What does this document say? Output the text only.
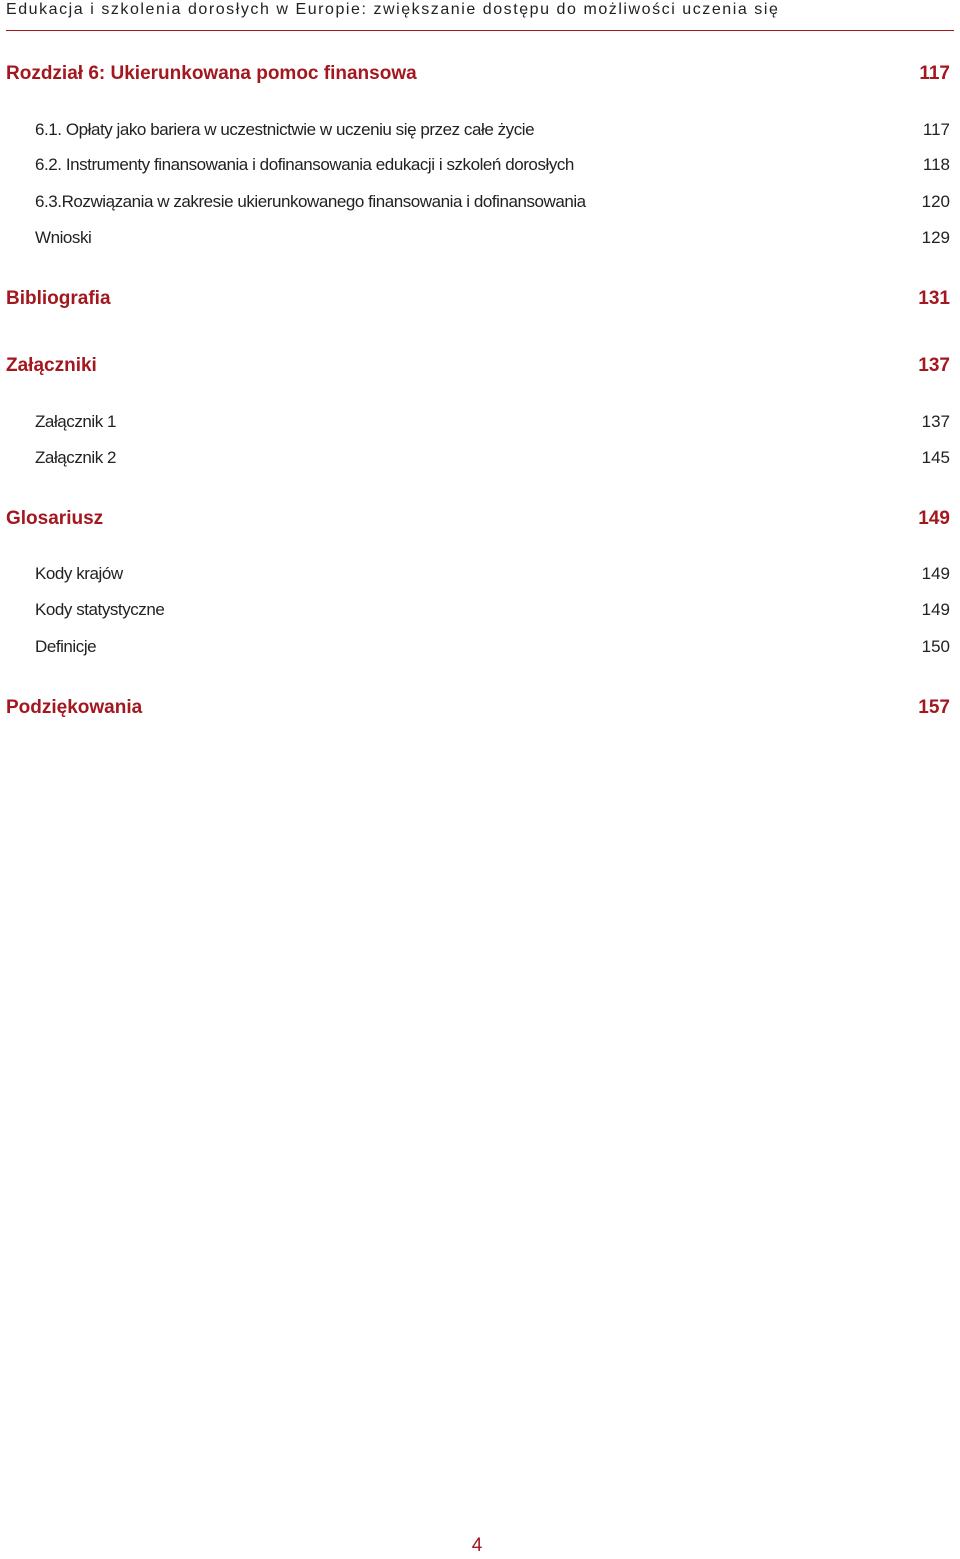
Edukacja i szkolenia dorosłych w Europie: zwiększanie dostępu do możliwości uczenia się
Rozdział 6: Ukierunkowana pomoc finansowa	117
6.1. Opłaty jako bariera w uczestnictwie w uczeniu się przez całe życie	117
6.2. Instrumenty finansowania i dofinansowania edukacji i szkoleń dorosłych	118
6.3.Rozwiązania w zakresie ukierunkowanego finansowania i dofinansowania	120
Wnioski	129
Bibliografia	131
Załączniki	137
Załącznik 1	137
Załącznik 2	145
Glosariusz	149
Kody krajów	149
Kody statystyczne	149
Definicje	150
Podziękowania	157
4
